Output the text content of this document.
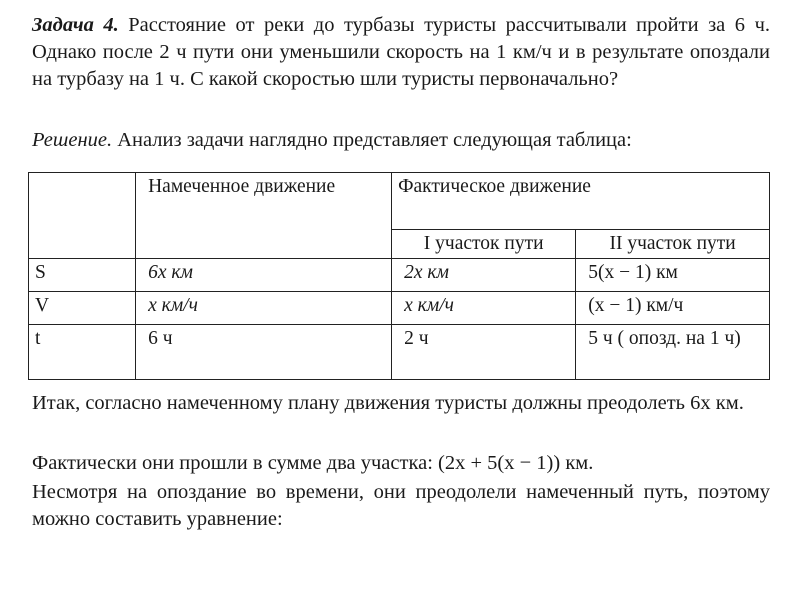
Задача 4. Расстояние от реки до турбазы туристы рассчитывали пройти за 6 ч. Однако после 2 ч пути они уменьшили скорость на 1 км/ч и в результате опоздали на турбазу на 1 ч. С какой скоростью шли туристы первоначально?
Решение. Анализ задачи наглядно представляет следующая таблица:
	Намеченное движение	Фактическое движение	
		I участок пути	II участок пути
S	6x км	2x км	5(x − 1) км
V	x км/ч	x км/ч	(x − 1) км/ч
t	6 ч	2 ч	5 ч ( опозд. на 1 ч)
Итак, согласно намеченному плану движения туристы должны преодолеть 6x км.
Фактически они прошли в сумме два участка: (2x + 5(x − 1)) км.
Несмотря на опоздание во времени, они преодолели намеченный путь, поэтому можно составить уравнение:
